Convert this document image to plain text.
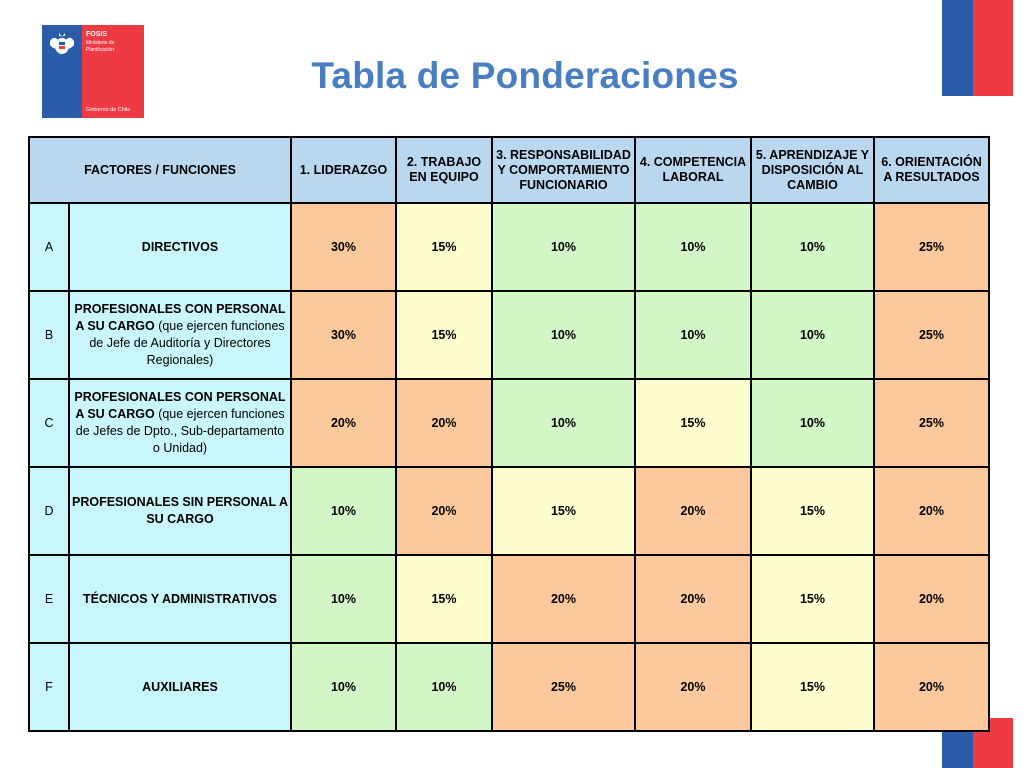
FOSIS
Ministerio de
Planificación
Gobierno de Chile
Tabla de Ponderaciones
FACTORES / FUNCIONES		1. LIDERAZGO	2. TRABAJO EN EQUIPO	3. RESPONSABILIDAD Y COMPORTAMIENTO FUNCIONARIO	4. COMPETENCIA LABORAL	5. APRENDIZAJE Y DISPOSICIÓN AL CAMBIO	6. ORIENTACIÓN A RESULTADOS
A	DIRECTIVOS	30%	15%	10%	10%	10%	25%
B	PROFESIONALES CON PERSONAL A SU CARGO (que ejercen funciones de Jefe de Auditoría y Directores Regionales)	30%	15%	10%	10%	10%	25%
C	PROFESIONALES CON PERSONAL A SU CARGO (que ejercen funciones de Jefes de Dpto., Sub-departamento o Unidad)	20%	20%	10%	15%	10%	25%
D	PROFESIONALES SIN PERSONAL A SU CARGO	10%	20%	15%	20%	15%	20%
E	TÉCNICOS Y ADMINISTRATIVOS	10%	15%	20%	20%	15%	20%
F	AUXILIARES	10%	10%	25%	20%	15%	20%
